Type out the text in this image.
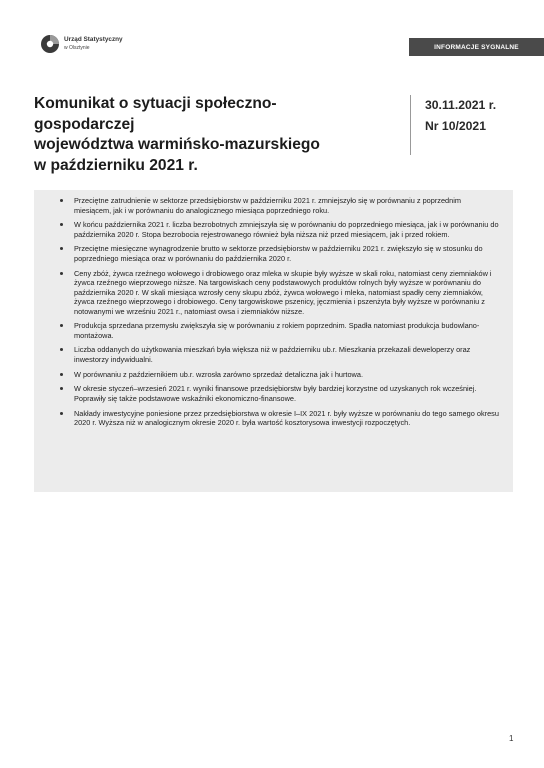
Urząd Statystyczny
w Olsztynie	INFORMACJE SYGNALNE
Komunikat o sytuacji społeczno-gospodarczej
województwa warmińsko-mazurskiego
w październiku 2021 r.
30.11.2021 r.
Nr 10/2021
Przeciętne zatrudnienie w sektorze przedsiębiorstw w październiku 2021 r. zmniejszyło się w porównaniu z poprzednim miesiącem, jak i w porównaniu do analogicznego miesiąca poprzedniego roku.
W końcu października 2021 r. liczba bezrobotnych zmniejszyła się w porównaniu do poprzedniego miesiąca, jak i w porównaniu do października 2020 r. Stopa bezrobocia rejestrowanego również była niższa niż przed miesiącem, jak i przed rokiem.
Przeciętne miesięczne wynagrodzenie brutto w sektorze przedsiębiorstw w październiku 2021 r. zwiększyło się w stosunku do poprzedniego miesiąca oraz w porównaniu do października 2020 r.
Ceny zbóż, żywca rzeźnego wołowego i drobiowego oraz mleka w skupie były wyższe w skali roku, natomiast ceny ziemniaków i żywca rzeźnego wieprzowego niższe. Na targowiskach ceny podstawowych produktów rolnych były wyższe w porównaniu do października 2020 r. W skali miesiąca wzrosły ceny skupu zbóż, żywca wołowego i mleka, natomiast spadły ceny ziemniaków, żywca rzeźnego wieprzowego i drobiowego. Ceny targowiskowe pszenicy, jęczmienia i pszenżyta były wyższe w porównaniu z notowanymi we wrześniu 2021 r., natomiast owsa i ziemniaków niższe.
Produkcja sprzedana przemysłu zwiększyła się w porównaniu z rokiem poprzednim. Spadła natomiast produkcja budowlano-montażowa.
Liczba oddanych do użytkowania mieszkań była większa niż w październiku ub.r. Mieszkania przekazali deweloperzy oraz inwestorzy indywidualni.
W porównaniu z październikiem ub.r. wzrosła zarówno sprzedaż detaliczna jak i hurtowa.
W okresie styczeń–wrzesień 2021 r. wyniki finansowe przedsiębiorstw były bardziej korzystne od uzyskanych rok wcześniej. Poprawiły się także podstawowe wskaźniki ekonomiczno-finansowe.
Nakłady inwestycyjne poniesione przez przedsiębiorstwa w okresie I–IX 2021 r. były wyższe w porównaniu do tego samego okresu 2020 r. Wyższa niż w analogicznym okresie 2020 r. była wartość kosztorysowa inwestycji rozpoczętych.
1
